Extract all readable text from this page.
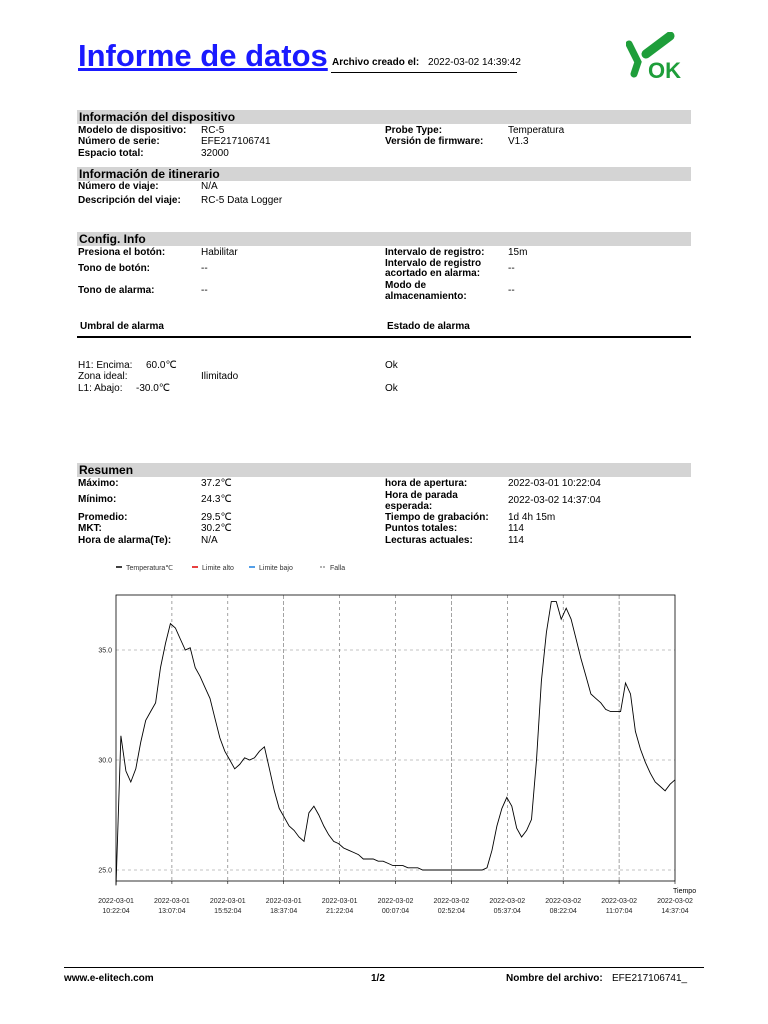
Informe de datos Archivo creado el: 2022-03-02 14:39:42	OK
Información del dispositivo
Modelo de dispositivo: RC-5
Número de serie:	EFE217106741
Espacio total:	32000
Probe Type:	Temperatura
Versión de firmware: V1.3
Información de itinerario
Número de viaje:	N/A
Descripción del viaje: RC-5 Data Logger
Config. Info
Presiona el botón:	Habilitar
Tono de botón:	--
Tono de alarma:	--
Intervalo de registro: 15m
Intervalo de registro
acortado en alarma:	--
Modo de
almacenamiento:
--
Umbral de alarma	Estado de alarma
H1: Encima: 60.0℃	Ok
Zona ideal:	Ilimitado
L1: Abajo: -30.0℃	Ok
Resumen
Máximo:	37.2℃
Mínimo:	24.3℃
Promedio:	29.5℃
MKT:	30.2℃
Hora de alarma(Te):	N/A
hora de apertura:	2022-03-01 10:22:04
Hora de parada
esperada:
2022-03-02 14:37:04
Tiempo de grabación: 1d 4h 15m
Puntos totales:	114
Lecturas actuales:	114
Temperatura℃	Limite alto	Limite bajo	Falla
25.0
30.0
35.0
2022-03-01
10:22:04
2022-03-01
13:07:04
2022-03-01
15:52:04
2022-03-01
18:37:04
2022-03-01
21:22:04
2022-03-02
00:07:04
2022-03-02
02:52:04
2022-03-02
05:37:04
2022-03-02
08:22:04
2022-03-02
11:07:04
2022-03-02
14:37:04
Tiempo
www.e-elitech.com	1/2	Nombre del archivo: EFE217106741_
